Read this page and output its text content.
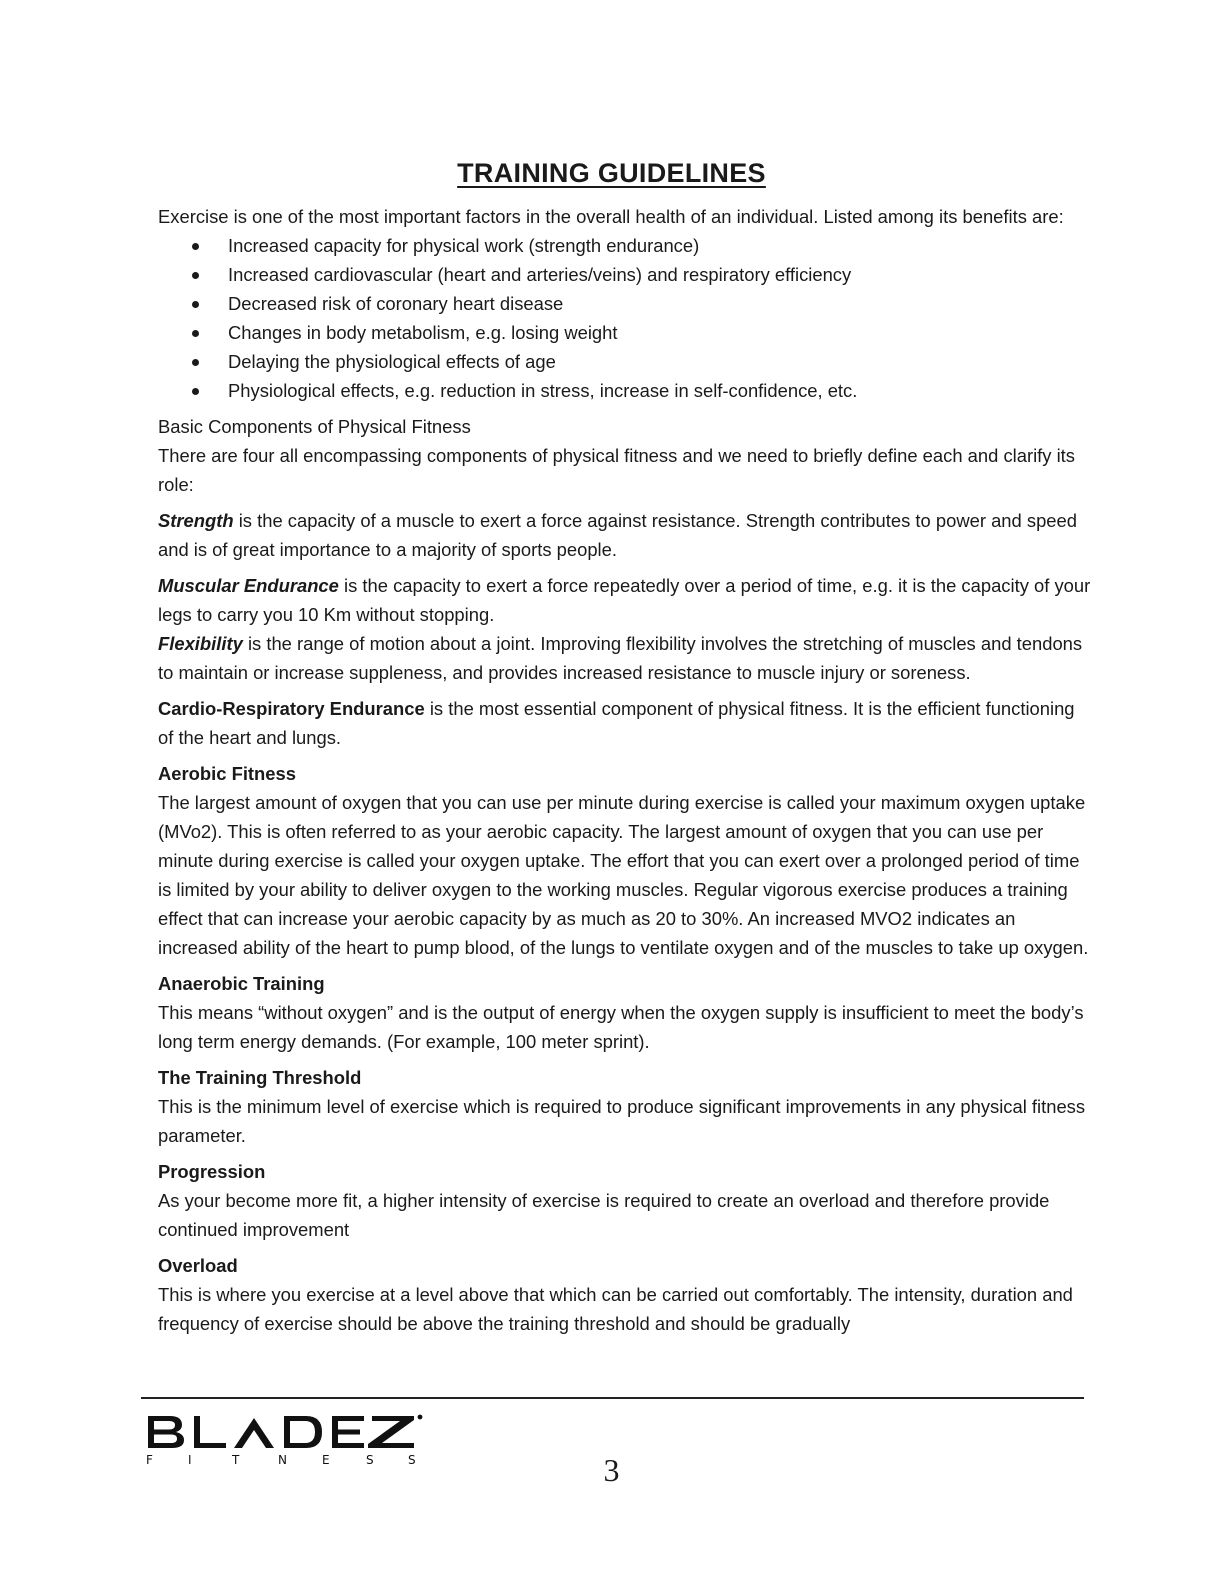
TRAINING GUIDELINES

Exercise is one of the most important factors in the overall health of an individual. Listed among its benefits are:

Increased capacity for physical work (strength endurance)
Increased cardiovascular (heart and arteries/veins) and respiratory efficiency
Decreased risk of coronary heart disease
Changes in body metabolism, e.g. losing weight
Delaying the physiological effects of age
Physiological effects, e.g. reduction in stress, increase in self-confidence, etc.

Basic Components of Physical Fitness

There are four all encompassing components of physical fitness and we need to briefly define each and clarify its role:

Strength is the capacity of a muscle to exert a force against resistance. Strength contributes to power and speed and is of great importance to a majority of sports people.

Muscular Endurance is the capacity to exert a force repeatedly over a period of time, e.g. it is the capacity of your legs to carry you 10 Km without stopping.

Flexibility is the range of motion about a joint. Improving flexibility involves the stretching of muscles and tendons to maintain or increase suppleness, and provides increased resistance to muscle injury or soreness.

Cardio-Respiratory Endurance is the most essential component of physical fitness. It is the efficient functioning of the heart and lungs.

Aerobic Fitness

The largest amount of oxygen that you can use per minute during exercise is called your maximum oxygen uptake (MVo2). This is often referred to as your aerobic capacity. The largest amount of oxygen that you can use per minute during exercise is called your oxygen uptake. The effort that you can exert over a prolonged period of time is limited by your ability to deliver oxygen to the working muscles. Regular vigorous exercise produces a training effect that can increase your aerobic capacity by as much as 20 to 30%. An increased MVO2 indicates an increased ability of the heart to pump blood, of the lungs to ventilate oxygen and of the muscles to take up oxygen.

Anaerobic Training

This means “without oxygen” and is the output of energy when the oxygen supply is insufficient to meet the body’s long term energy demands. (For example, 100 meter sprint).

The Training Threshold

This is the minimum level of exercise which is required to produce significant improvements in any physical fitness parameter.

Progression

As your become more fit, a higher intensity of exercise is required to create an overload and therefore provide continued improvement

Overload

This is where you exercise at a level above that which can be carried out comfortably. The intensity, duration and frequency of exercise should be above the training threshold and should be gradually

F	I	T	N	E	S	S	3
